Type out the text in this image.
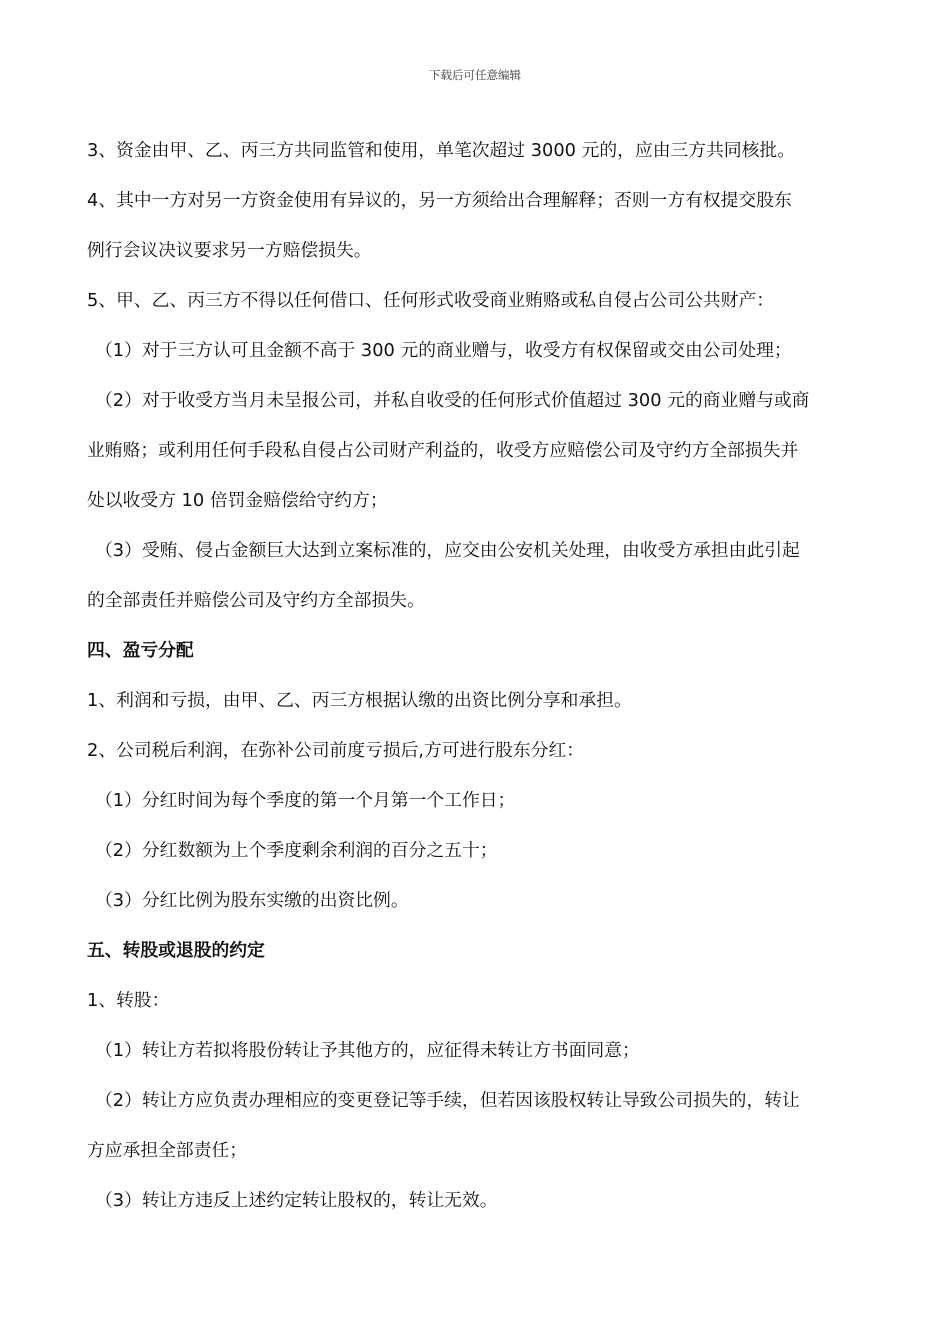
下载后可任意编辑
3、资金由甲、乙、丙三方共同监管和使用，单笔次超过 3000 元的，应由三方共同核批。
4、其中一方对另一方资金使用有异议的，另一方须给出合理解释；否则一方有权提交股东
例行会议决议要求另一方赔偿损失。
5、甲、乙、丙三方不得以任何借口、任何形式收受商业贿赂或私自侵占公司公共财产：
（1）对于三方认可且金额不高于 300 元的商业赠与，收受方有权保留或交由公司处理；
（2）对于收受方当月未呈报公司，并私自收受的任何形式价值超过 300 元的商业赠与或商
业贿赂；或利用任何手段私自侵占公司财产利益的，收受方应赔偿公司及守约方全部损失并
处以收受方 10 倍罚金赔偿给守约方；
（3）受贿、侵占金额巨大达到立案标准的，应交由公安机关处理，由收受方承担由此引起
的全部责任并赔偿公司及守约方全部损失。
四、盈亏分配
1、利润和亏损，由甲、乙、丙三方根据认缴的出资比例分享和承担。
2、公司税后利润，在弥补公司前度亏损后,方可进行股东分红：
（1）分红时间为每个季度的第一个月第一个工作日；
（2）分红数额为上个季度剩余利润的百分之五十；
（3）分红比例为股东实缴的出资比例。
五、转股或退股的约定
1、转股：
（1）转让方若拟将股份转让予其他方的，应征得未转让方书面同意；
（2）转让方应负责办理相应的变更登记等手续，但若因该股权转让导致公司损失的，转让
方应承担全部责任；
（3）转让方违反上述约定转让股权的，转让无效。
